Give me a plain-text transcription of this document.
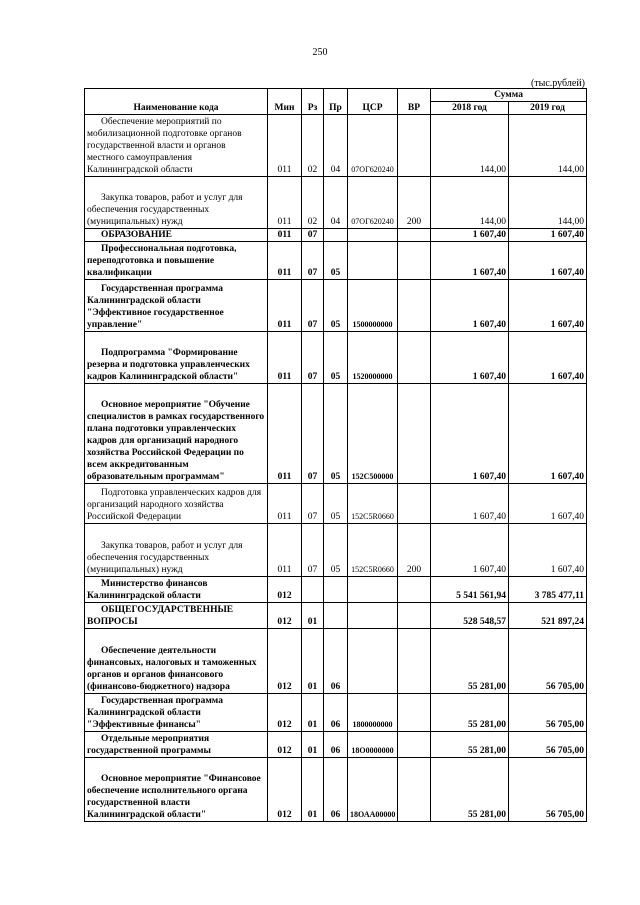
250
(тыс.рублей)
Наименование кода	Мин	Рз	Пр	ЦСР	ВР	Сумма	
						2018 год	2019 год
Обеспечение мероприятий по мобилизационной подготовке органов государственной власти и органов местного самоуправления Калининградской области	011	02	04	07ОГ620240		144,00	144,00
Закупка товаров, работ и услуг для обеспечения государственных (муниципальных) нужд	011	02	04	07ОГ620240	200	144,00	144,00
ОБРАЗОВАНИЕ	011	07				1 607,40	1 607,40
Профессиональная подготовка, переподготовка и повышение квалификации	011	07	05			1 607,40	1 607,40
Государственная программа Калининградской области "Эффективное государственное управление"	011	07	05	1500000000		1 607,40	1 607,40
Подпрограмма "Формирование резерва и подготовка управленческих кадров Калининградской области"	011	07	05	1520000000		1 607,40	1 607,40
Основное мероприятие "Обучение специалистов в рамках государственного плана подготовки управленческих кадров для организаций народного хозяйства Российской Федерации по всем аккредитованным образовательным программам"	011	07	05	152С500000		1 607,40	1 607,40
Подготовка управленческих кадров для организаций народного хозяйства Российской Федерации	011	07	05	152С5R0660		1 607,40	1 607,40
Закупка товаров, работ и услуг для обеспечения государственных (муниципальных) нужд	011	07	05	152С5R0660	200	1 607,40	1 607,40
Министерство финансов Калининградской области	012					5 541 561,94	3 785 477,11
ОБЩЕГОСУДАРСТВЕННЫЕ ВОПРОСЫ	012	01				528 548,57	521 897,24
Обеспечение деятельности финансовых, налоговых и таможенных органов и органов финансового (финансово-бюджетного) надзора	012	01	06			55 281,00	56 705,00
Государственная программа Калининградской области "Эффективные финансы"	012	01	06	1800000000		55 281,00	56 705,00
Отдельные мероприятия государственной программы	012	01	06	18О0000000		55 281,00	56 705,00
Основное мероприятие "Финансовое обеспечение исполнительного органа государственной власти Калининградской области"	012	01	06	18ОАА00000		55 281,00	56 705,00
